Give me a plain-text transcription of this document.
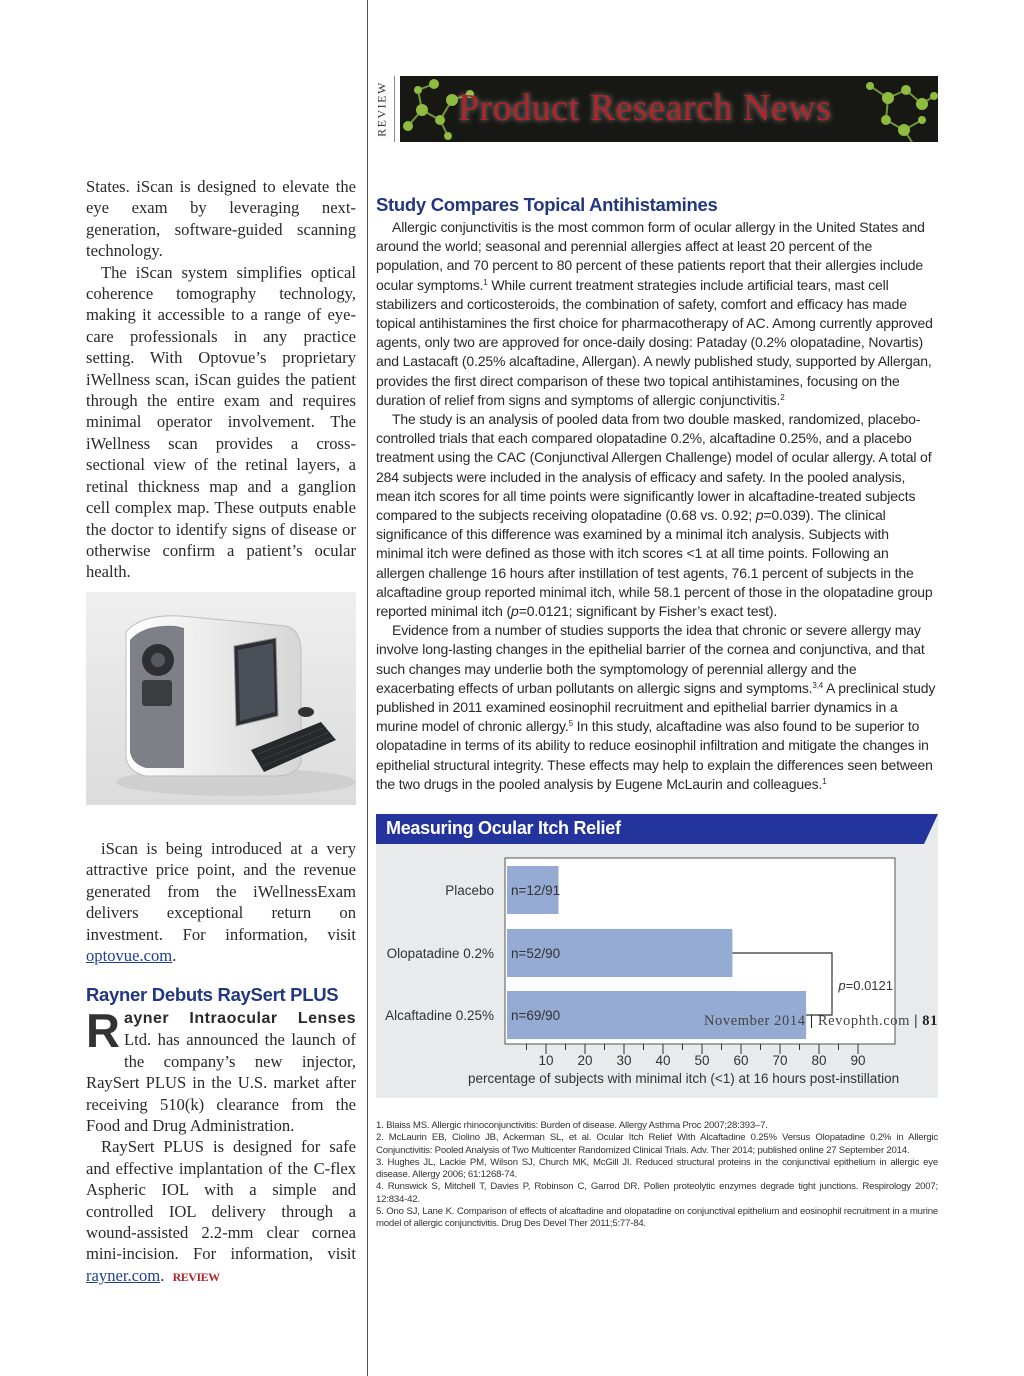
REVIEW Product Research News

States. iScan is designed to elevate the eye exam by leveraging next-generation, software-guided scanning technology.

The iScan system simplifies optical coherence tomography technology, making it accessible to a range of eye-care professionals in any practice setting. With Optovue’s proprietary iWellness scan, iScan guides the patient through the entire exam and requires minimal operator involvement. The iWellness scan provides a cross-sectional view of the retinal layers, a retinal thickness map and a ganglion cell complex map. These outputs enable the doctor to identify signs of disease or otherwise confirm a patient’s ocular health.

iScan is being introduced at a very attractive price point, and the revenue generated from the iWellnessExam delivers exceptional return on investment. For information, visit optovue.com.

Rayner Debuts RaySert PLUS

Rayner Intraocular Lenses Ltd. has announced the launch of the company’s new injector, RaySert PLUS in the U.S. market after receiving 510(k) clearance from the Food and Drug Administration.

RaySert PLUS is designed for safe and effective implantation of the C-flex Aspheric IOL with a simple and controlled IOL delivery through a wound-assisted 2.2-mm clear cornea mini-incision. For information, visit rayner.com.  REVIEW

Study Compares Topical Antihistamines

Allergic conjunctivitis is the most common form of ocular allergy in the United States and around the world; seasonal and perennial allergies affect at least 20 percent of the population, and 70 percent to 80 percent of these patients report that their allergies include ocular symptoms.$^1$ While current treatment strategies include artificial tears, mast cell stabilizers and corticosteroids, the combination of safety, comfort and efficacy has made topical antihistamines the first choice for pharmacotherapy of AC. Among currently approved agents, only two are approved for once-daily dosing: Pataday (0.2% olopatadine, Novartis) and Lastacaft (0.25% alcaftadine, Allergan). A newly published study, supported by Allergan, provides the first direct comparison of these two topical antihistamines, focusing on the duration of relief from signs and symptoms of allergic conjunctivitis.$^2$

The study is an analysis of pooled data from two double masked, randomized, placebo-controlled trials that each compared olopatadine 0.2%, alcaftadine 0.25%, and a placebo treatment using the CAC (Conjunctival Allergen Challenge) model of ocular allergy. A total of 284 subjects were included in the analysis of efficacy and safety. In the pooled analysis, mean itch scores for all time points were significantly lower in alcaftadine-treated subjects compared to the subjects receiving olopatadine (0.68 vs. 0.92; p=0.039). The clinical significance of this difference was examined by a minimal itch analysis. Subjects with minimal itch were defined as those with itch scores <1 at all time points. Following an allergen challenge 16 hours after instillation of test agents, 76.1 percent of subjects in the alcaftadine group reported minimal itch, while 58.1 percent of those in the olopatadine group reported minimal itch (p=0.0121; significant by Fisher’s exact test).

Evidence from a number of studies supports the idea that chronic or severe allergy may involve long-lasting changes in the epithelial barrier of the cornea and conjunctiva, and that such changes may underlie both the symptomology of perennial allergy and the exacerbating effects of urban pollutants on allergic signs and symptoms.$^{3,4}$ A preclinical study published in 2011 examined eosinophil recruitment and epithelial barrier dynamics in a murine model of chronic allergy.$^5$ In this study, alcaftadine was also found to be superior to olopatadine in terms of its ability to reduce eosinophil infiltration and mitigate the changes in epithelial structural integrity. These effects may help to explain the differences seen between the two drugs in the pooled analysis by Eugene McLaurin and colleagues.$^1$

Measuring Ocular Itch Relief
n=12/91
Placebo
n=52/90
Olopatadine 0.2%
n=69/90
Alcaftadine 0.25%
p=0.0121
10 20 30 40 50 60 70 80 90
percentage of subjects with minimal itch (<1) at 16 hours post-instillation

1. Blaiss MS. Allergic rhinoconjunctivitis: Burden of disease. Allergy Asthma Proc 2007;28:393–7.

2. McLaurin EB, Ciolino JB, Ackerman SL, et al. Ocular Itch Relief With Alcaftadine 0.25% Versus Olopatadine 0.2% in Allergic Conjunctivitis: Pooled Analysis of Two Multicenter Randomized Clinical Trials. Adv. Ther 2014; published online 27 September 2014.

3. Hughes JL, Lackie PM, Wilson SJ, Church MK, McGill JI. Reduced structural proteins in the conjunctival epithelium in allergic eye disease. Allergy 2006; 61:1268-74.

4. Runswick S, Mitchell T, Davies P, Robinson C, Garrod DR. Pollen proteolytic enzymes degrade tight junctions. Respirology 2007; 12:834-42.

5. Ono SJ, Lane K. Comparison of effects of alcaftadine and olopatadine on conjunctival epithelium and eosinophil recruitment in a murine model of allergic conjunctivitis. Drug Des Devel Ther 2011;5:77-84.

November 2014 | Revophth.com | 81
